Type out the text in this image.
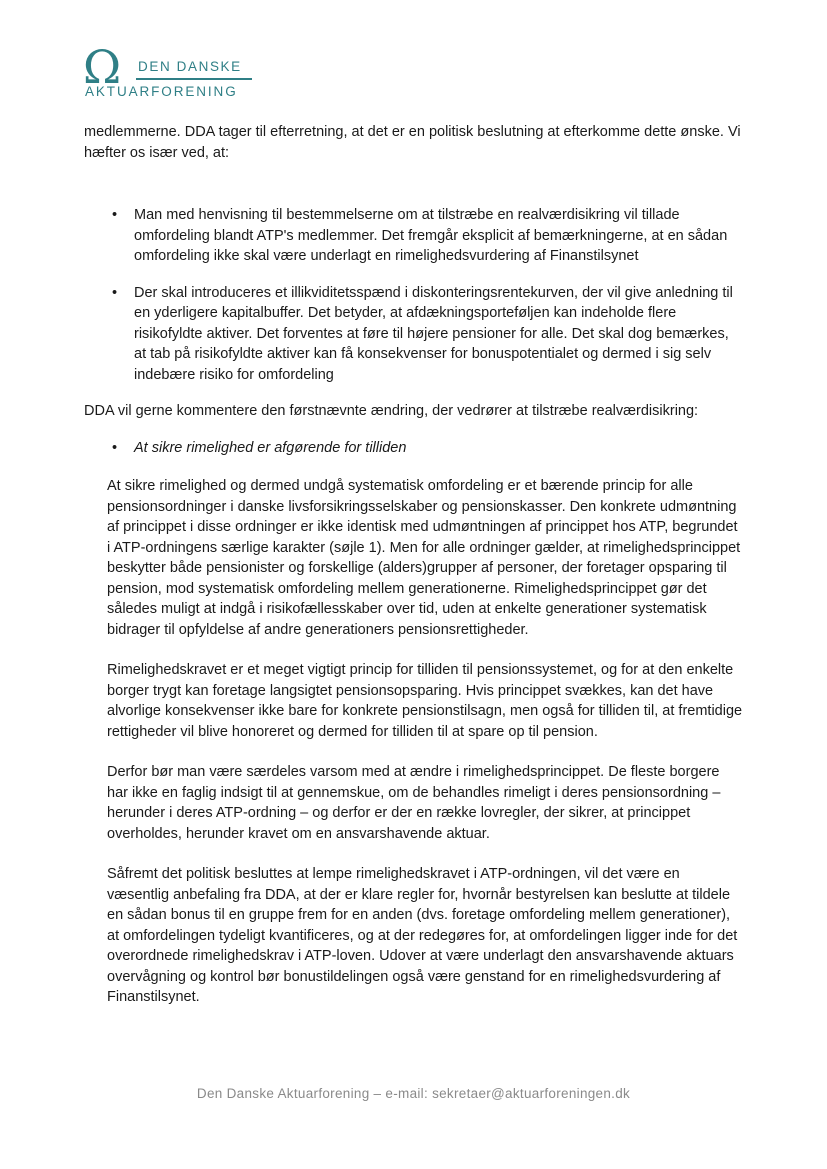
Ω DEN DANSKE
AKTUARFORENING

medlemmerne. DDA tager til efterretning, at det er en politisk beslutning at efterkomme dette ønske. Vi hæfter os især ved, at:

• Man med henvisning til bestemmelserne om at tilstræbe en realværdisikring vil tillade omfordeling blandt ATP's medlemmer. Det fremgår eksplicit af bemærkningerne, at en sådan omfordeling ikke skal være underlagt en rimelighedsvurdering af Finanstilsynet
• Der skal introduceres et illikviditetsspænd i diskonteringsrentekurven, der vil give anledning til en yderligere kapitalbuffer. Det betyder, at afdækningsporteføljen kan indeholde flere risikofyldte aktiver. Det forventes at føre til højere pensioner for alle. Det skal dog bemærkes, at tab på risikofyldte aktiver kan få konsekvenser for bonuspotentialet og dermed i sig selv indebære risiko for omfordeling

DDA vil gerne kommentere den førstnævnte ændring, der vedrører at tilstræbe realværdisikring:

• At sikre rimelighed er afgørende for tilliden

At sikre rimelighed og dermed undgå systematisk omfordeling er et bærende princip for alle pensionsordninger i danske livsforsikringsselskaber og pensionskasser. Den konkrete udmøntning af princippet i disse ordninger er ikke identisk med udmøntningen af princippet hos ATP, begrundet i ATP-ordningens særlige karakter (søjle 1). Men for alle ordninger gælder, at rimelighedsprincippet beskytter både pensionister og forskellige (alders)grupper af personer, der foretager opsparing til pension, mod systematisk omfordeling mellem generationerne. Rimelighedsprincippet gør det således muligt at indgå i risikofællesskaber over tid, uden at enkelte generationer systematisk bidrager til opfyldelse af andre generationers pensionsrettigheder.

Rimelighedskravet er et meget vigtigt princip for tilliden til pensionssystemet, og for at den enkelte borger trygt kan foretage langsigtet pensionsopsparing. Hvis princippet svækkes, kan det have alvorlige konsekvenser ikke bare for konkrete pensionstilsagn, men også for tilliden til, at fremtidige rettigheder vil blive honoreret og dermed for tilliden til at spare op til pension.

Derfor bør man være særdeles varsom med at ændre i rimelighedsprincippet. De fleste borgere har ikke en faglig indsigt til at gennemskue, om de behandles rimeligt i deres pensionsordning – herunder i deres ATP-ordning – og derfor er der en række lovregler, der sikrer, at princippet overholdes, herunder kravet om en ansvarshavende aktuar.

Såfremt det politisk besluttes at lempe rimelighedskravet i ATP-ordningen, vil det være en væsentlig anbefaling fra DDA, at der er klare regler for, hvornår bestyrelsen kan beslutte at tildele en sådan bonus til en gruppe frem for en anden (dvs. foretage omfordeling mellem generationer), at omfordelingen tydeligt kvantificeres, og at der redegøres for, at omfordelingen ligger inde for det overordnede rimelighedskrav i ATP-loven. Udover at være underlagt den ansvarshavende aktuars overvågning og kontrol bør bonustildelingen også være genstand for en rimelighedsvurdering af Finanstilsynet.

Den Danske Aktuarforening – e-mail: sekretaer@aktuarforeningen.dk
